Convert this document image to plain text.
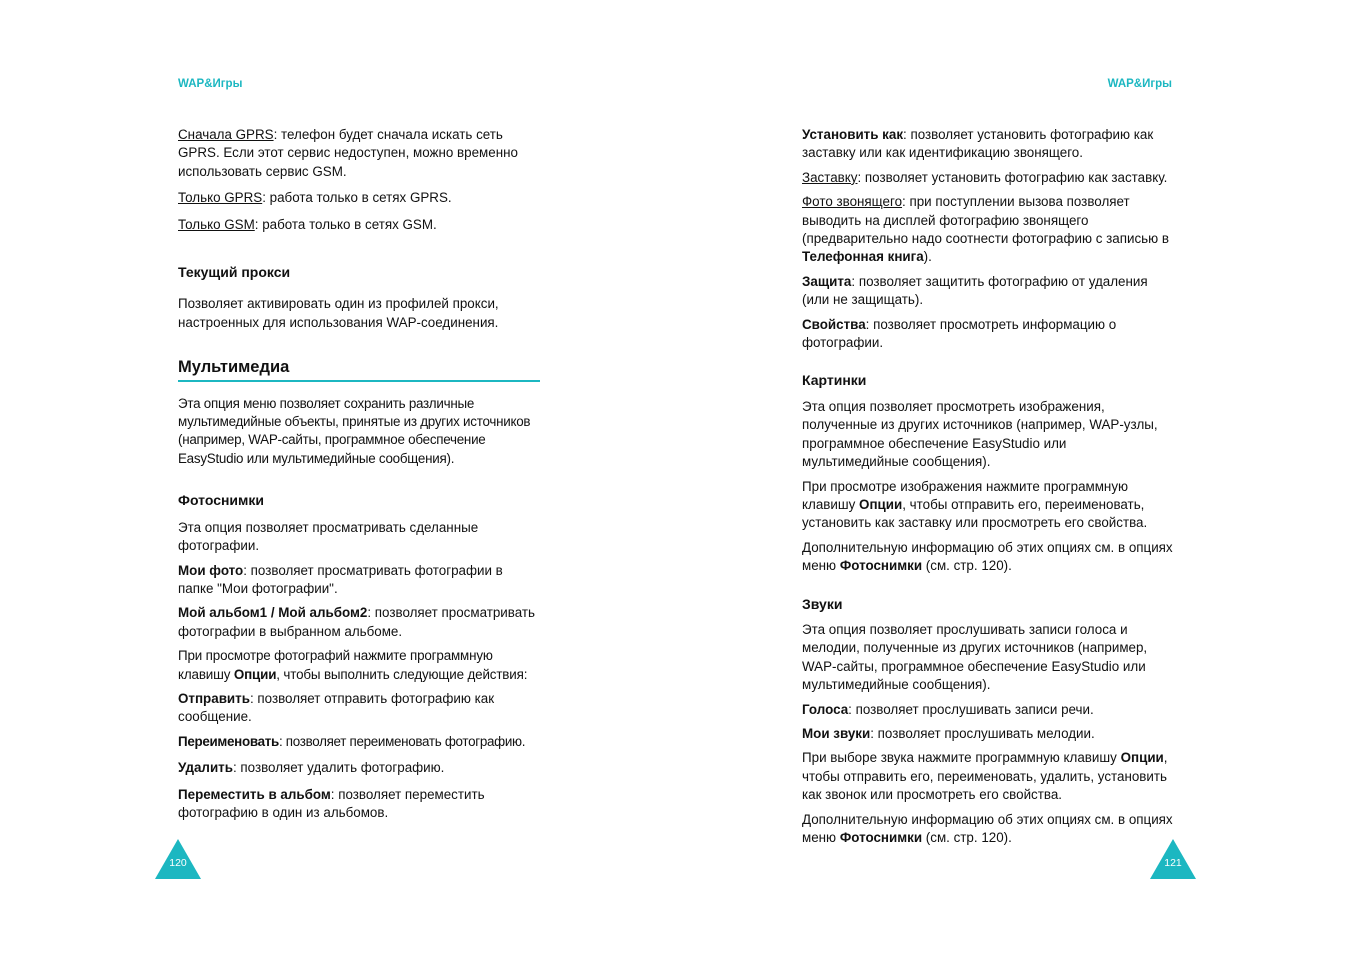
WAP&Игры

Сначала GPRS: телефон будет сначала искать сеть GPRS. Если этот сервис недоступен, можно временно использовать сервис GSM.

Только GPRS: работа только в сетях GPRS.

Только GSM: работа только в сетях GSM.

Текущий прокси

Позволяет активировать один из профилей прокси, настроенных для использования WAP-соединения.

Мультимедиа

Эта опция меню позволяет сохранить различные мультимедийные объекты, принятые из других источников (например, WAP-сайты, программное обеспечение EasyStudio или мультимедийные сообщения).

Фотоснимки

Эта опция позволяет просматривать сделанные фотографии.

Мои фото: позволяет просматривать фотографии в папке "Мои фотографии".

Мой альбом1 / Мой альбом2: позволяет просматривать фотографии в выбранном альбоме.

При просмотре фотографий нажмите программную клавишу Опции, чтобы выполнить следующие действия:

Отправить: позволяет отправить фотографию как сообщение.

Переименовать: позволяет переименовать фотографию.

Удалить: позволяет удалить фотографию.

Переместить в альбом: позволяет переместить фотографию в один из альбомов.

120
WAP&Игры

Установить как: позволяет установить фотографию как заставку или как идентификацию звонящего.

Заставку: позволяет установить фотографию как заставку.

Фото звонящего: при поступлении вызова позволяет выводить на дисплей фотографию звонящего (предварительно надо соотнести фотографию с записью в Телефонная книга).

Защита: позволяет защитить фотографию от удаления (или не защищать).

Свойства: позволяет просмотреть информацию о фотографии.

Картинки

Эта опция позволяет просмотреть изображения, полученные из других источников (например, WAP-узлы, программное обеспечение EasyStudio или мультимедийные сообщения).

При просмотре изображения нажмите программную клавишу Опции, чтобы отправить его, переименовать, установить как заставку или просмотреть его свойства.

Дополнительную информацию об этих опциях см. в опциях меню Фотоснимки (см. стр. 120).

Звуки

Эта опция позволяет прослушивать записи голоса и мелодии, полученные из других источников (например, WAP-сайты, программное обеспечение EasyStudio или мультимедийные сообщения).

Голоса: позволяет прослушивать записи речи.

Мои звуки: позволяет прослушивать мелодии.

При выборе звука нажмите программную клавишу Опции, чтобы отправить его, переименовать, удалить, установить как звонок или просмотреть его свойства.

Дополнительную информацию об этих опциях см. в опциях меню Фотоснимки (см. стр. 120).

121
